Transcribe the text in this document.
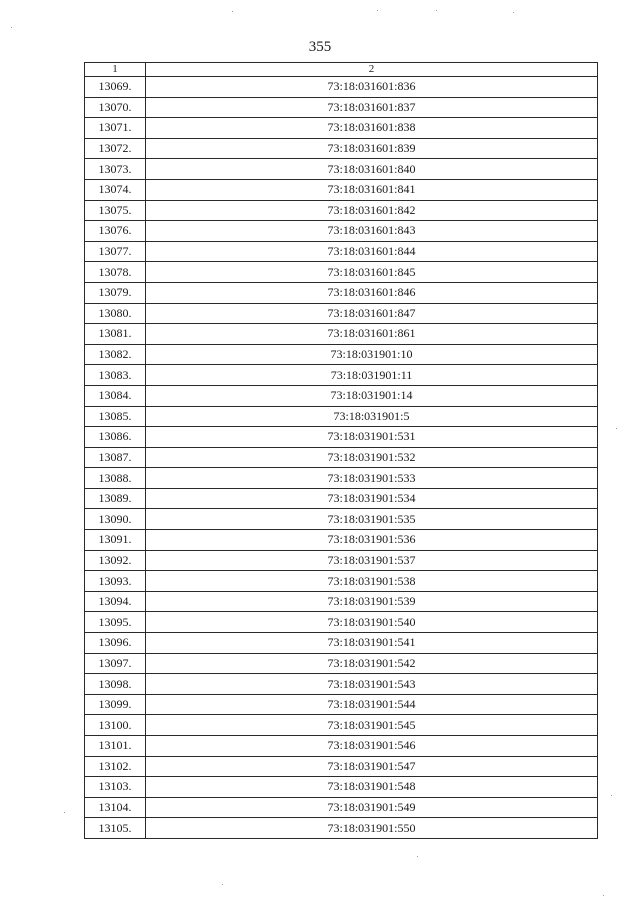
355
1	2
13069.	73:18:031601:836
13070.	73:18:031601:837
13071.	73:18:031601:838
13072.	73:18:031601:839
13073.	73:18:031601:840
13074.	73:18:031601:841
13075.	73:18:031601:842
13076.	73:18:031601:843
13077.	73:18:031601:844
13078.	73:18:031601:845
13079.	73:18:031601:846
13080.	73:18:031601:847
13081.	73:18:031601:861
13082.	73:18:031901:10
13083.	73:18:031901:11
13084.	73:18:031901:14
13085.	73:18:031901:5
13086.	73:18:031901:531
13087.	73:18:031901:532
13088.	73:18:031901:533
13089.	73:18:031901:534
13090.	73:18:031901:535
13091.	73:18:031901:536
13092.	73:18:031901:537
13093.	73:18:031901:538
13094.	73:18:031901:539
13095.	73:18:031901:540
13096.	73:18:031901:541
13097.	73:18:031901:542
13098.	73:18:031901:543
13099.	73:18:031901:544
13100.	73:18:031901:545
13101.	73:18:031901:546
13102.	73:18:031901:547
13103.	73:18:031901:548
13104.	73:18:031901:549
13105.	73:18:031901:550
